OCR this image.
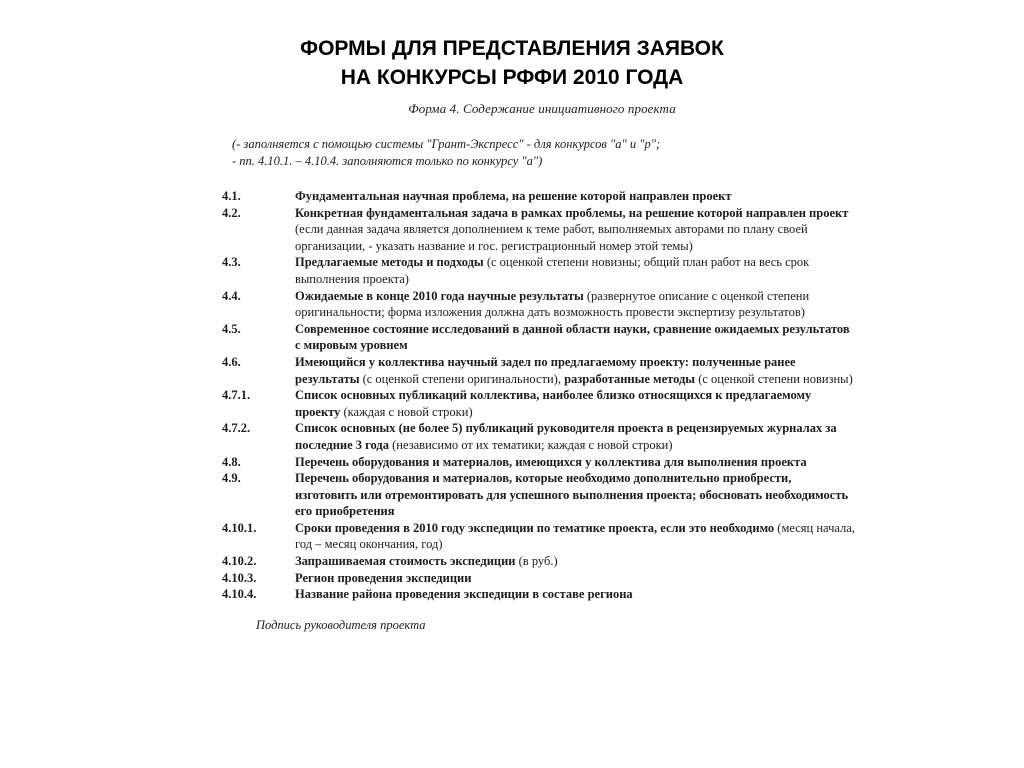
ФОРМЫ ДЛЯ ПРЕДСТАВЛЕНИЯ ЗАЯВОК
НА КОНКУРСЫ РФФИ 2010 ГОДА
Форма 4. Содержание инициативного проекта
(- заполняется с помощью системы "Грант-Экспресс" - для конкурсов "а" и "р";
- пп. 4.10.1. – 4.10.4. заполняются только по конкурсу "а")
4.1.	Фундаментальная научная проблема, на решение которой направлен проект
4.2.	Конкретная фундаментальная задача в рамках проблемы, на решение которой направлен проект (если данная задача является дополнением к теме работ, выполняемых авторами по плану своей организации, - указать название и гос. регистрационный номер этой темы)
4.3.	Предлагаемые методы и подходы (с оценкой степени новизны; общий план работ на весь срок выполнения проекта)
4.4.	Ожидаемые в конце 2010 года научные результаты (развернутое описание с оценкой степени оригинальности; форма изложения должна дать возможность провести экспертизу результатов)
4.5.	Современное состояние исследований в данной области науки, сравнение ожидаемых результатов с мировым уровнем
4.6.	Имеющийся у коллектива научный задел по предлагаемому проекту: полученные ранее результаты (с оценкой степени оригинальности), разработанные методы (с оценкой степени новизны)
4.7.1.	Список основных публикаций коллектива, наиболее близко относящихся к предлагаемому проекту (каждая с новой строки)
4.7.2.	Список основных (не более 5) публикаций руководителя проекта в рецензируемых журналах за последние 3 года (независимо от их тематики; каждая с новой строки)
4.8.	Перечень оборудования и материалов, имеющихся у коллектива для выполнения проекта
4.9.	Перечень оборудования и материалов, которые необходимо дополнительно приобрести, изготовить или отремонтировать для успешного выполнения проекта; обосновать необходимость его приобретения
4.10.1.	Сроки проведения в 2010 году экспедиции по тематике проекта, если это необходимо (месяц начала, год – месяц окончания, год)
4.10.2.	Запрашиваемая стоимость экспедиции (в руб.)
4.10.3.	Регион проведения экспедиции
4.10.4.	Название района проведения экспедиции в составе региона
Подпись руководителя проекта
